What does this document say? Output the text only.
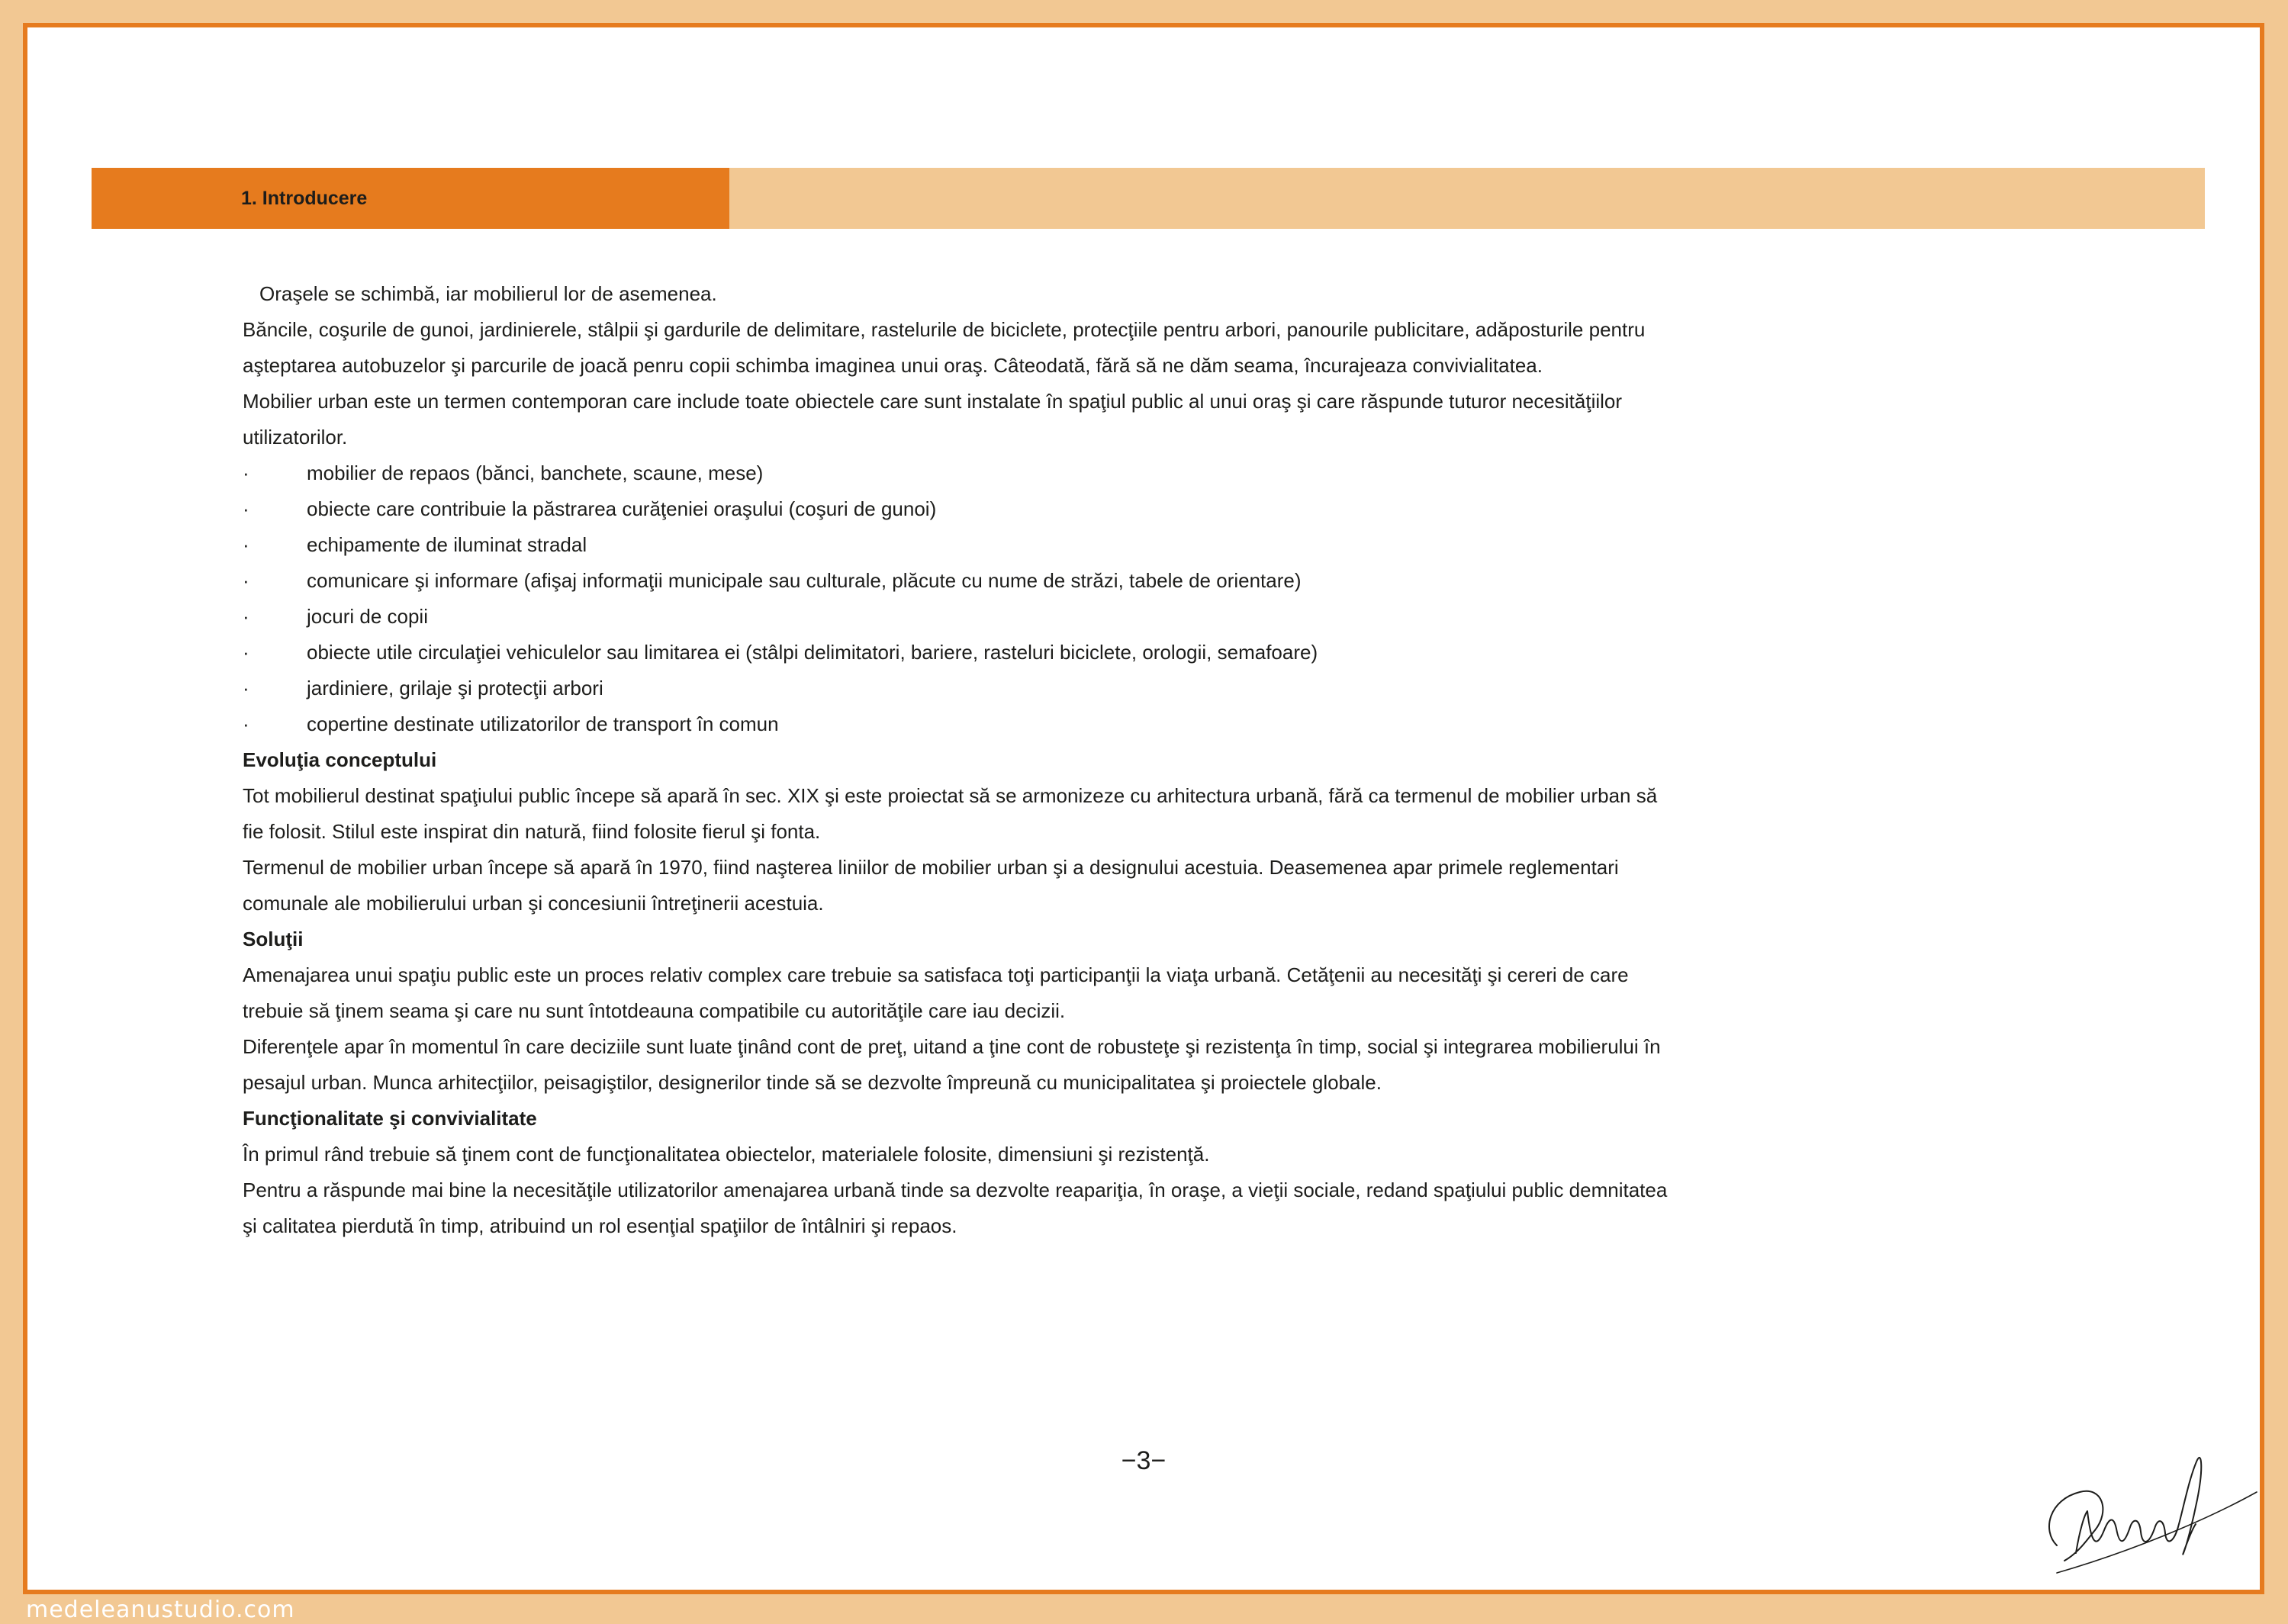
1. Introducere

Oraşele se schimbă, iar mobilierul lor de asemenea.

Băncile, coşurile de gunoi, jardinierele, stâlpii şi gardurile de delimitare, rastelurile de biciclete, protecţiile pentru arbori, panourile publicitare, adăposturile pentru aşteptarea autobuzelor şi parcurile de joacă penru copii schimba imaginea unui oraş. Câteodată, fără să ne dăm seama, încurajeaza convivialitatea.

Mobilier urban este un termen contemporan care include toate obiectele care sunt instalate în spaţiul public al unui oraş şi care răspunde tuturor necesităţiilor utilizatorilor.

·	mobilier de repaos (bănci, banchete, scaune, mese)
·	obiecte care contribuie la păstrarea curăţeniei oraşului (coşuri de gunoi)
·	echipamente de iluminat stradal
·	comunicare şi informare (afişaj informaţii municipale sau culturale, plăcute cu nume de străzi, tabele de orientare)
·	jocuri de copii
·	obiecte utile circulaţiei vehiculelor sau limitarea ei (stâlpi delimitatori, bariere, rasteluri biciclete, orologii, semafoare)
·	jardiniere, grilaje şi protecţii arbori
·	copertine destinate utilizatorilor de transport în comun

Evoluţia conceptului

Tot mobilierul destinat spaţiului public începe să apară în sec. XIX şi este proiectat să se armonizeze cu arhitectura urbană, fără ca termenul de mobilier urban să fie folosit. Stilul este inspirat din natură, fiind folosite fierul şi fonta.

Termenul de mobilier urban începe să apară în 1970, fiind naşterea liniilor de mobilier urban şi a designului acestuia. Deasemenea apar primele reglementari comunale ale mobilierului urban şi concesiunii întreţinerii acestuia.

Soluţii

Amenajarea unui spaţiu public este un proces relativ complex care trebuie sa satisfaca toţi participanţii la viaţa urbană. Cetăţenii au necesităţi şi cereri de care trebuie să ţinem seama şi care nu sunt întotdeauna compatibile cu autorităţile care iau decizii.

Diferenţele apar în momentul în care deciziile sunt luate ţinând cont de preţ, uitand a ţine cont de robusteţe şi rezistenţa în timp, social şi integrarea mobilierului în pesajul urban. Munca arhitecţiilor, peisagiştilor, designerilor tinde să se dezvolte împreună cu municipalitatea şi proiectele globale.

Funcţionalitate şi convivialitate

În primul rând trebuie să ţinem cont de funcţionalitatea obiectelor, materialele folosite, dimensiuni şi rezistenţă.

Pentru a răspunde mai bine la necesităţile utilizatorilor amenajarea urbană tinde sa dezvolte reapariţia, în oraşe, a vieţii sociale, redand spaţiului public demnitatea şi calitatea pierdută în timp, atribuind un rol esenţial spaţiilor de întâlniri şi repaos.

−3−
medeleanustudio.com
